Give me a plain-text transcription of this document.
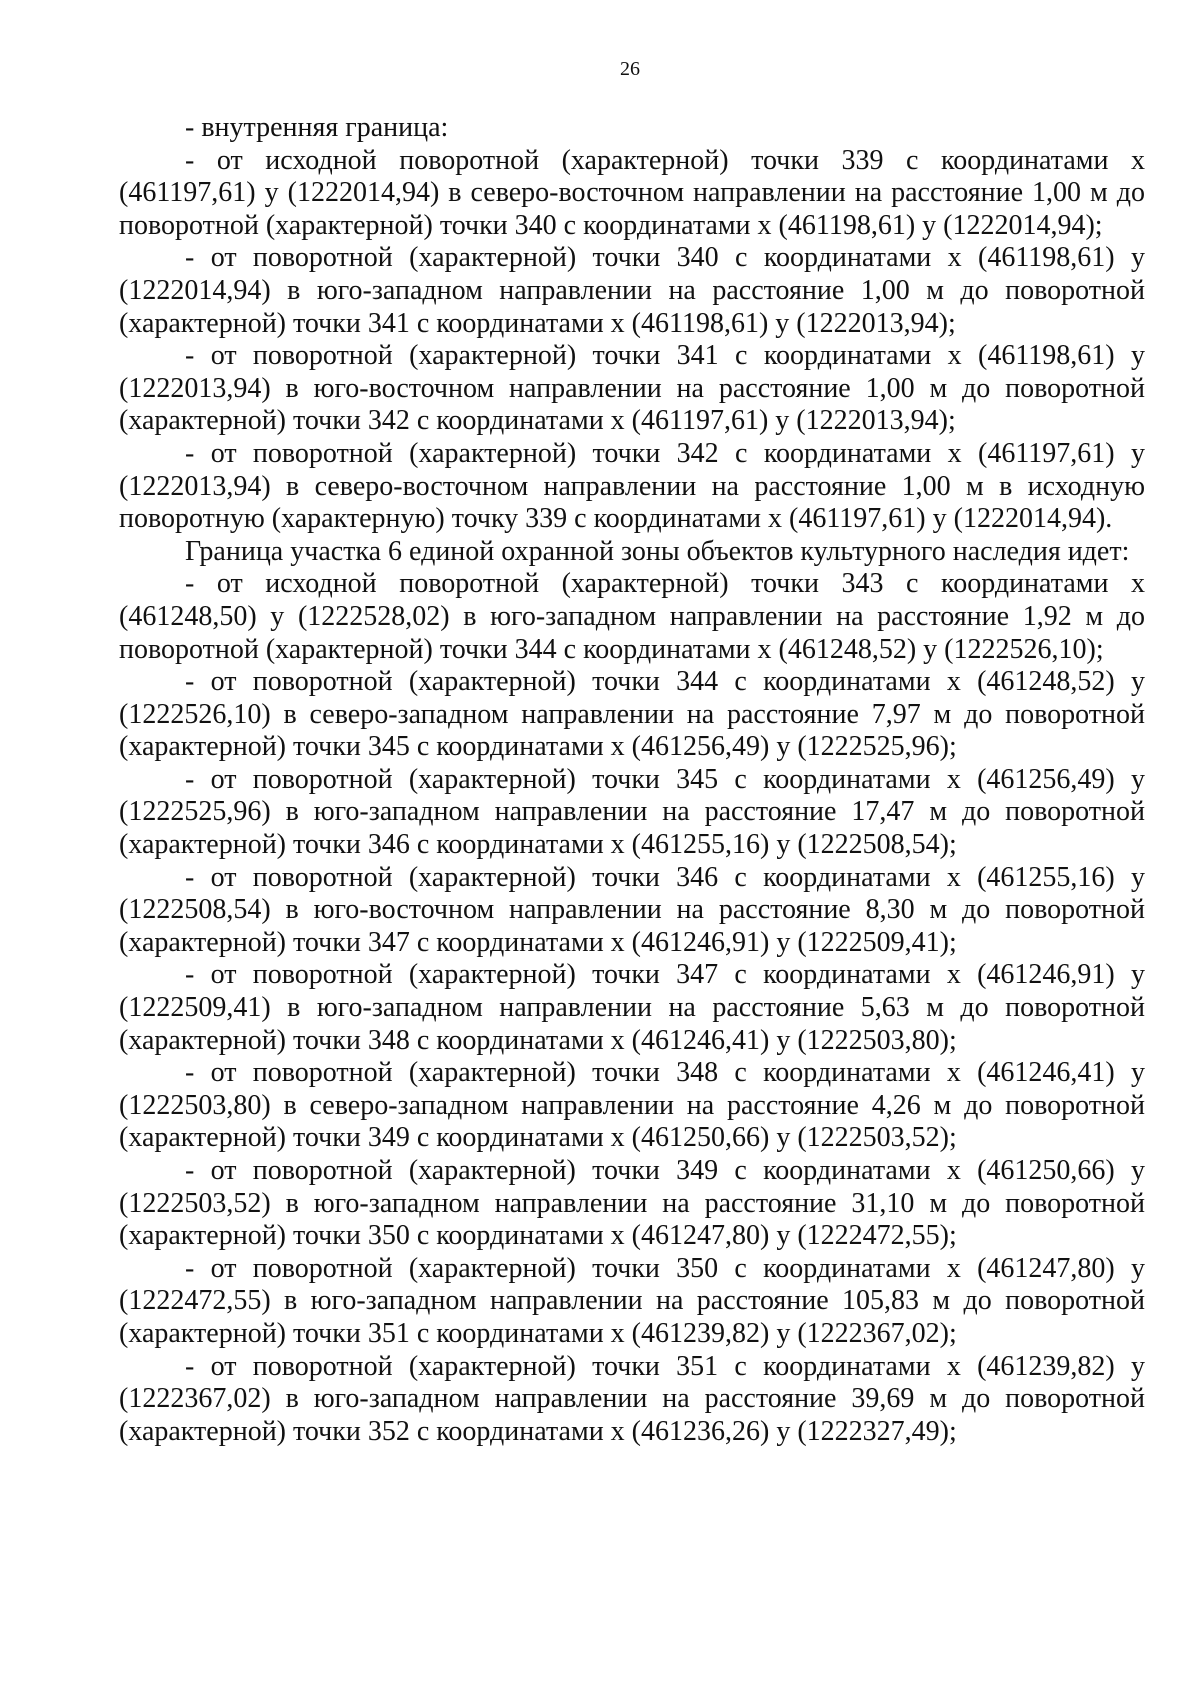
26

- внутренняя граница:

- от исходной поворотной (характерной) точки 339 с координатами х (461197,61) у (1222014,94) в северо-восточном направлении на расстояние 1,00 м до поворотной (характерной) точки 340 с координатами х (461198,61) у (1222014,94);

- от поворотной (характерной) точки 340 с координатами х (461198,61) у (1222014,94) в юго-западном направлении на расстояние 1,00 м до поворотной (характерной) точки 341 с координатами х (461198,61) у (1222013,94);

- от поворотной (характерной) точки 341 с координатами х (461198,61) у (1222013,94) в юго-восточном направлении на расстояние 1,00 м до поворотной (характерной) точки 342 с координатами х (461197,61) у (1222013,94);

- от поворотной (характерной) точки 342 с координатами х (461197,61) у (1222013,94) в северо-восточном направлении на расстояние 1,00 м в исходную поворотную (характерную) точку 339 с координатами х (461197,61) у (1222014,94).

Граница участка 6 единой охранной зоны объектов культурного наследия идет:

- от исходной поворотной (характерной) точки 343 с координатами х (461248,50) у (1222528,02) в юго-западном направлении на расстояние 1,92 м до поворотной (характерной) точки 344 с координатами х (461248,52) у (1222526,10);

- от поворотной (характерной) точки 344 с координатами х (461248,52) у (1222526,10) в северо-западном направлении на расстояние 7,97 м до поворотной (характерной) точки 345 с координатами х (461256,49) у (1222525,96);

- от поворотной (характерной) точки 345 с координатами х (461256,49) у (1222525,96) в юго-западном направлении на расстояние 17,47 м до поворотной (характерной) точки 346 с координатами х (461255,16) у (1222508,54);

- от поворотной (характерной) точки 346 с координатами х (461255,16) у (1222508,54) в юго-восточном направлении на расстояние 8,30 м до поворотной (характерной) точки 347 с координатами х (461246,91) у (1222509,41);

- от поворотной (характерной) точки 347 с координатами х (461246,91) у (1222509,41) в юго-западном направлении на расстояние 5,63 м до поворотной (характерной) точки 348 с координатами х (461246,41) у (1222503,80);

- от поворотной (характерной) точки 348 с координатами х (461246,41) у (1222503,80) в северо-западном направлении на расстояние 4,26 м до поворотной (характерной) точки 349 с координатами х (461250,66) у (1222503,52);

- от поворотной (характерной) точки 349 с координатами х (461250,66) у (1222503,52) в юго-западном направлении на расстояние 31,10 м до поворотной (характерной) точки 350 с координатами х (461247,80) у (1222472,55);

- от поворотной (характерной) точки 350 с координатами х (461247,80) у (1222472,55) в юго-западном направлении на расстояние 105,83 м до поворотной (характерной) точки 351 с координатами х (461239,82) у (1222367,02);

- от поворотной (характерной) точки 351 с координатами х (461239,82) у (1222367,02) в юго-западном направлении на расстояние 39,69 м до поворотной (характерной) точки 352 с координатами х (461236,26) у (1222327,49);
